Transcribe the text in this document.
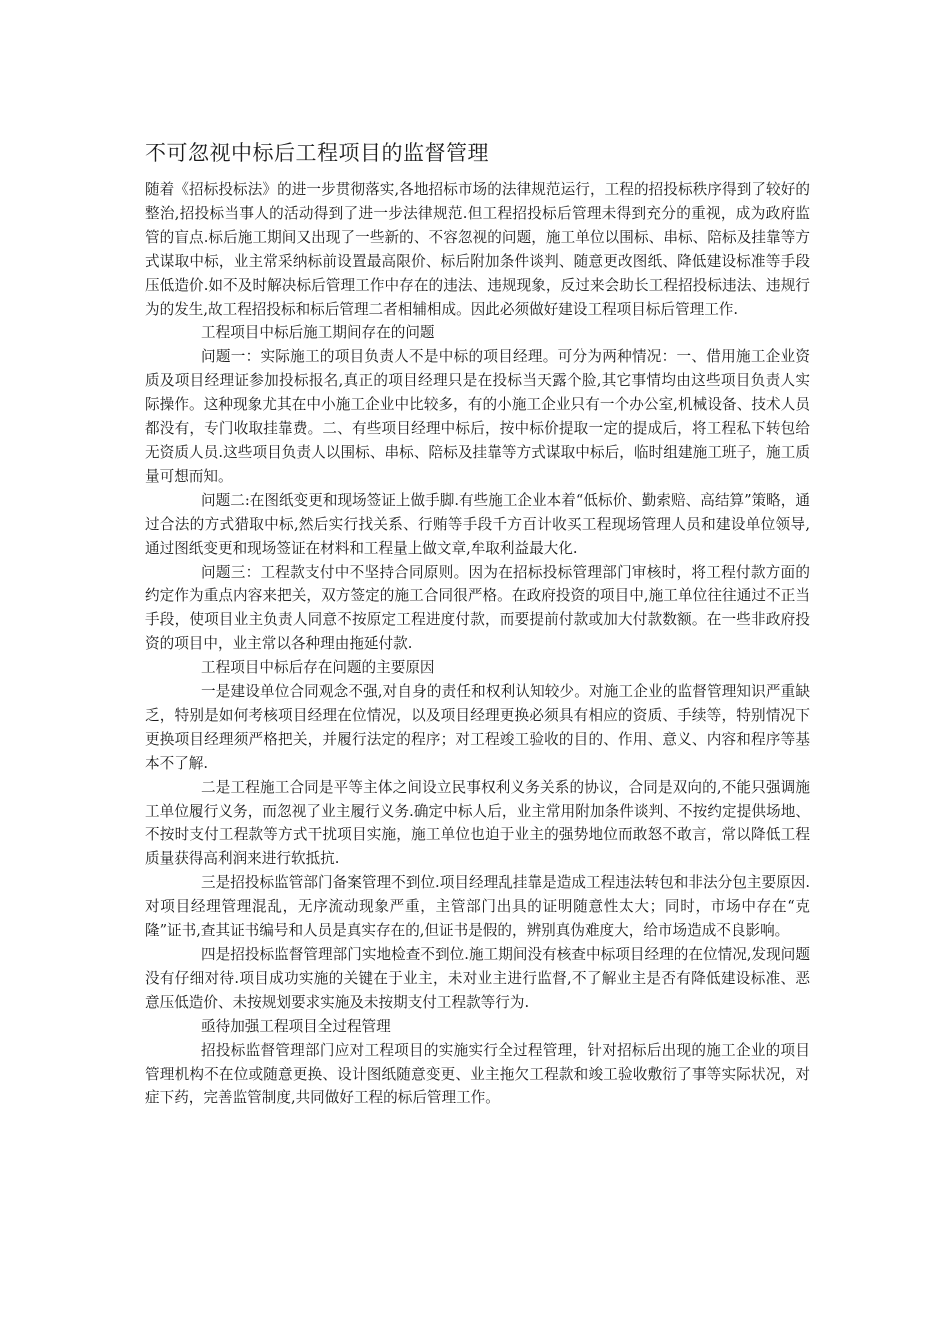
不可忽视中标后工程项目的监督管理

随着《招标投标法》的进一步贯彻落实,各地招标市场的法律规范运行，工程的招投标秩序得到了较好的整治,招投标当事人的活动得到了进一步法律规范.但工程招投标后管理未得到充分的重视，成为政府监管的盲点.标后施工期间又出现了一些新的、不容忽视的问题，施工单位以围标、串标、陪标及挂靠等方式谋取中标，业主常采纳标前设置最高限价、标后附加条件谈判、随意更改图纸、降低建设标准等手段压低造价.如不及时解决标后管理工作中存在的违法、违规现象，反过来会助长工程招投标违法、违规行为的发生,故工程招投标和标后管理二者相辅相成。因此必须做好建设工程项目标后管理工作.

工程项目中标后施工期间存在的问题

问题一：实际施工的项目负责人不是中标的项目经理。可分为两种情况：一、借用施工企业资质及项目经理证参加投标报名,真正的项目经理只是在投标当天露个脸,其它事情均由这些项目负责人实际操作。这种现象尤其在中小施工企业中比较多，有的小施工企业只有一个办公室,机械设备、技术人员都没有，专门收取挂靠费。二、有些项目经理中标后，按中标价提取一定的提成后，将工程私下转包给无资质人员.这些项目负责人以围标、串标、陪标及挂靠等方式谋取中标后，临时组建施工班子，施工质量可想而知。

问题二:在图纸变更和现场签证上做手脚.有些施工企业本着“低标价、勤索赔、高结算”策略，通过合法的方式猎取中标,然后实行找关系、行贿等手段千方百计收买工程现场管理人员和建设单位领导,通过图纸变更和现场签证在材料和工程量上做文章,牟取利益最大化.

问题三：工程款支付中不坚持合同原则。因为在招标投标管理部门审核时，将工程付款方面的约定作为重点内容来把关，双方签定的施工合同很严格。在政府投资的项目中,施工单位往往通过不正当手段，使项目业主负责人同意不按原定工程进度付款，而要提前付款或加大付款数额。在一些非政府投资的项目中，业主常以各种理由拖延付款.

工程项目中标后存在问题的主要原因

一是建设单位合同观念不强,对自身的责任和权利认知较少。对施工企业的监督管理知识严重缺乏，特别是如何考核项目经理在位情况，以及项目经理更换必须具有相应的资质、手续等，特别情况下更换项目经理须严格把关，并履行法定的程序；对工程竣工验收的目的、作用、意义、内容和程序等基本不了解.

二是工程施工合同是平等主体之间设立民事权利义务关系的协议，合同是双向的,不能只强调施工单位履行义务，而忽视了业主履行义务.确定中标人后，业主常用附加条件谈判、不按约定提供场地、不按时支付工程款等方式干扰项目实施，施工单位也迫于业主的强势地位而敢怒不敢言，常以降低工程质量获得高利润来进行软抵抗.

三是招投标监管部门备案管理不到位.项目经理乱挂靠是造成工程违法转包和非法分包主要原因.对项目经理管理混乱，无序流动现象严重，主管部门出具的证明随意性太大；同时，市场中存在“克隆”证书,查其证书编号和人员是真实存在的,但证书是假的，辨别真伪难度大，给市场造成不良影响。

四是招投标监督管理部门实地检查不到位.施工期间没有核查中标项目经理的在位情况,发现问题没有仔细对待.项目成功实施的关键在于业主，未对业主进行监督,不了解业主是否有降低建设标准、恶意压低造价、未按规划要求实施及未按期支付工程款等行为.

亟待加强工程项目全过程管理

招投标监督管理部门应对工程项目的实施实行全过程管理，针对招标后出现的施工企业的项目管理机构不在位或随意更换、设计图纸随意变更、业主拖欠工程款和竣工验收敷衍了事等实际状况，对症下药，完善监管制度,共同做好工程的标后管理工作。
